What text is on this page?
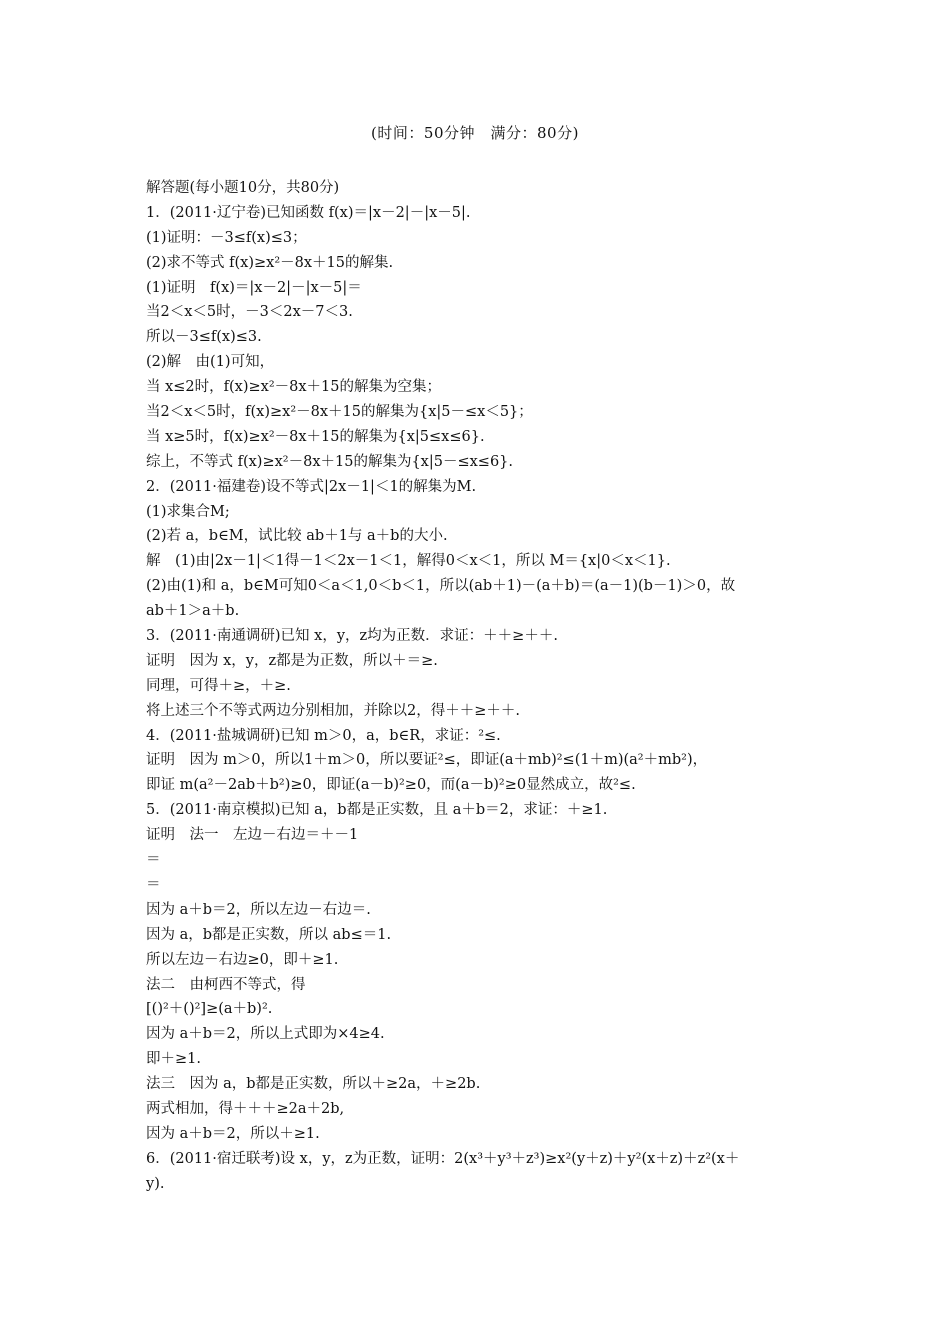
(时间：50分钟　满分：80分)
解答题(每小题10分，共80分)
1．(2011·辽宁卷)已知函数 f(x)＝|x－2|－|x－5|.
(1)证明：－3≤f(x)≤3；
(2)求不等式 f(x)≥x²－8x＋15的解集.
(1)证明　f(x)＝|x－2|－|x－5|＝
当2＜x＜5时，－3＜2x－7＜3.
所以－3≤f(x)≤3.
(2)解　由(1)可知，
当 x≤2时，f(x)≥x²－8x＋15的解集为空集；
当2＜x＜5时，f(x)≥x²－8x＋15的解集为{x|5－≤x＜5}；
当 x≥5时，f(x)≥x²－8x＋15的解集为{x|5≤x≤6}.
综上，不等式 f(x)≥x²－8x＋15的解集为{x|5－≤x≤6}.
2．(2011·福建卷)设不等式|2x－1|＜1的解集为M.
(1)求集合M;
(2)若 a，b∈M，试比较 ab＋1与 a＋b的大小.
解　(1)由|2x－1|＜1得－1＜2x－1＜1，解得0＜x＜1，所以 M＝{x|0＜x＜1}.
(2)由(1)和 a，b∈M可知0＜a＜1,0＜b＜1，所以(ab＋1)－(a＋b)＝(a－1)(b－1)＞0，故
ab＋1＞a＋b.
3．(2011·南通调研)已知 x，y，z均为正数．求证：＋＋≥＋＋.
证明　因为 x，y，z都是为正数，所以＋＝≥.
同理，可得＋≥，＋≥.
将上述三个不等式两边分别相加，并除以2，得＋＋≥＋＋.
4．(2011·盐城调研)已知 m＞0，a，b∈R，求证：²≤.
证明　因为 m＞0，所以1＋m＞0，所以要证²≤，即证(a＋mb)²≤(1＋m)(a²＋mb²)，
即证 m(a²－2ab＋b²)≥0，即证(a－b)²≥0，而(a－b)²≥0显然成立，故²≤.
5．(2011·南京模拟)已知 a，b都是正实数，且 a＋b＝2，求证：＋≥1.
证明　法一　左边－右边＝＋－1
＝
＝
因为 a＋b＝2，所以左边－右边＝.
因为 a，b都是正实数，所以 ab≤＝1.
所以左边－右边≥0，即＋≥1.
法二　由柯西不等式，得
[()²＋()²]≥(a＋b)².
因为 a＋b＝2，所以上式即为×4≥4.
即＋≥1.
法三　因为 a，b都是正实数，所以＋≥2a，＋≥2b.
两式相加，得＋＋＋≥2a＋2b,
因为 a＋b＝2，所以＋≥1.
6．(2011·宿迁联考)设 x，y，z为正数，证明：2(x³＋y³＋z³)≥x²(y＋z)＋y²(x＋z)＋z²(x＋
y).
